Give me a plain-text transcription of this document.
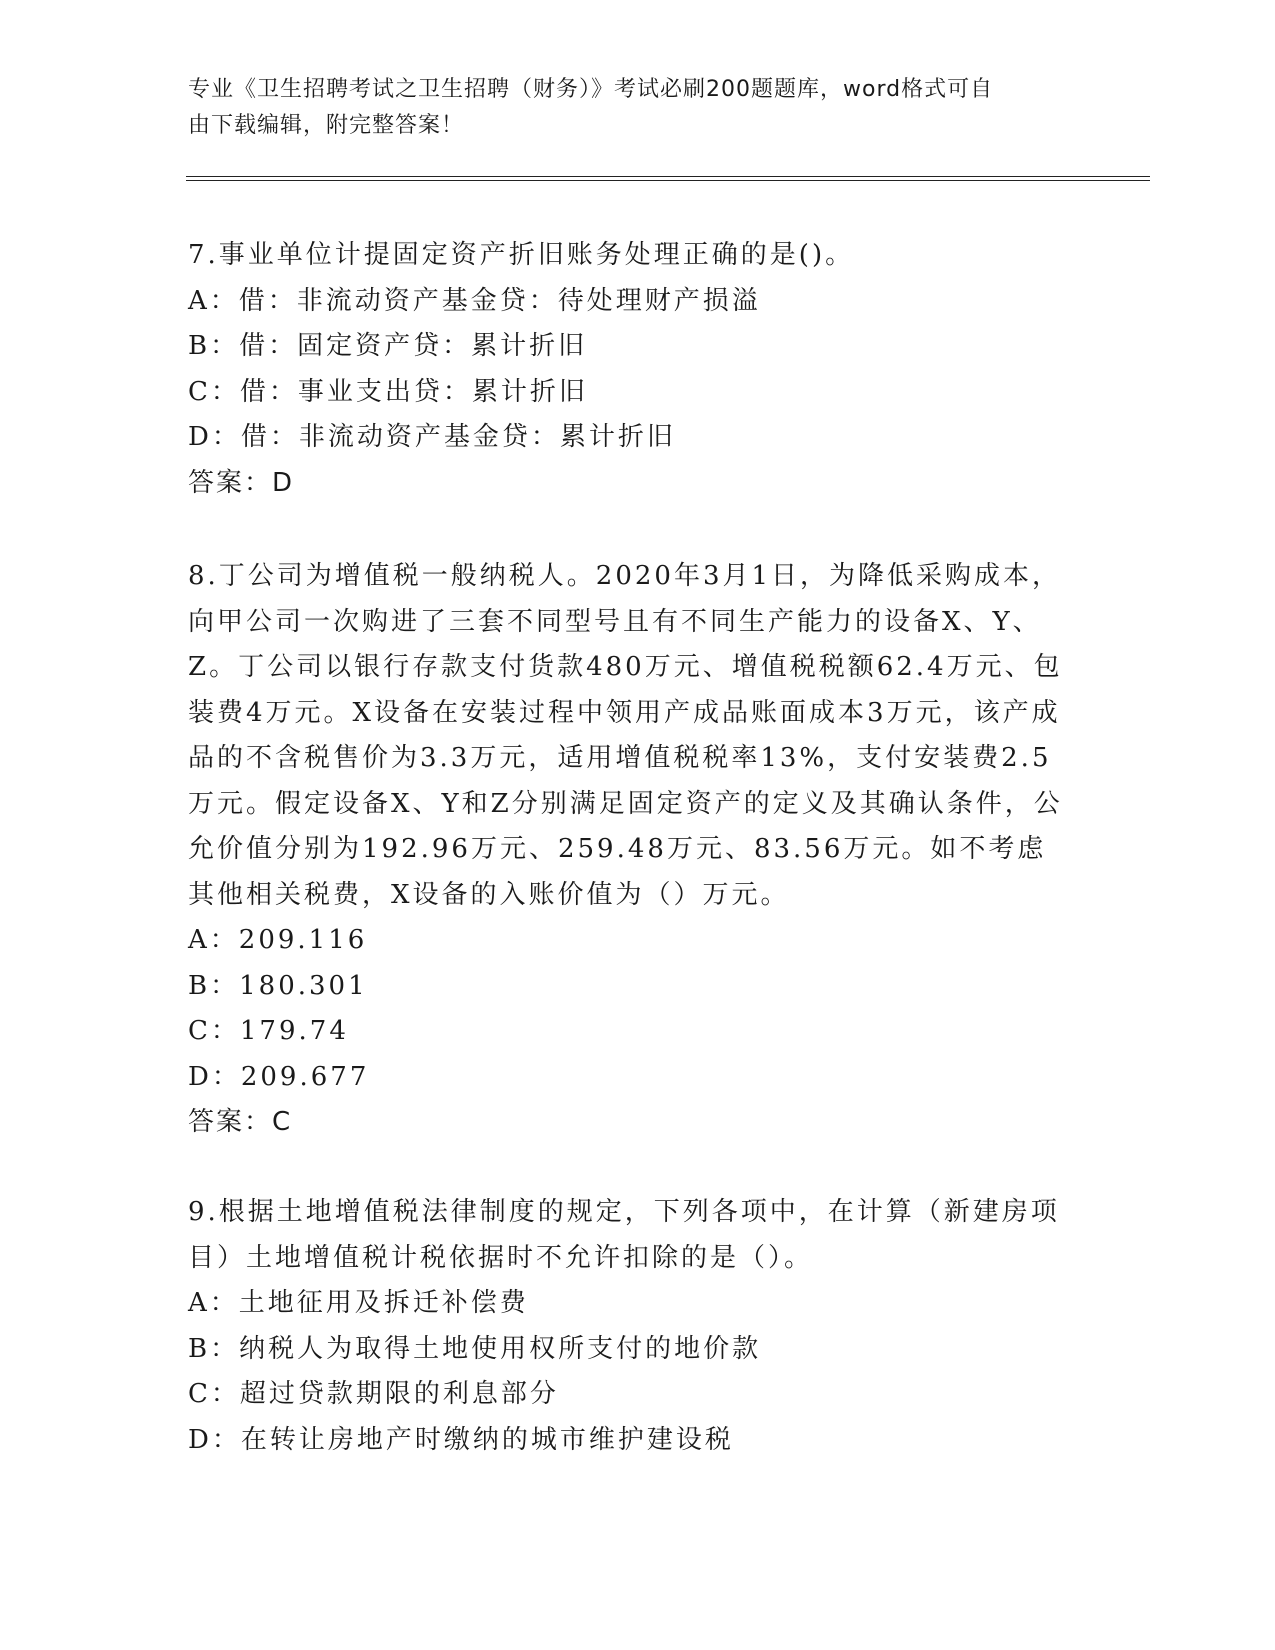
专业《卫生招聘考试之卫生招聘（财务）》考试必刷200题题库，word格式可自
由下载编辑，附完整答案！
7.事业单位计提固定资产折旧账务处理正确的是()。
A：借：非流动资产基金贷：待处理财产损溢
B：借：固定资产贷：累计折旧
C：借：事业支出贷：累计折旧
D：借：非流动资产基金贷：累计折旧
答案：D
8.丁公司为增值税一般纳税人。2020年3月1日，为降低采购成本，向甲公司一次购进了三套不同型号且有不同生产能力的设备X、Y、Z。丁公司以银行存款支付货款480万元、增值税税额62.4万元、包装费4万元。X设备在安装过程中领用产成品账面成本3万元，该产成品的不含税售价为3.3万元，适用增值税税率13%，支付安装费2.5万元。假定设备X、Y和Z分别满足固定资产的定义及其确认条件，公允价值分别为192.96万元、259.48万元、83.56万元。如不考虑其他相关税费，X设备的入账价值为（）万元。
A：209.116
B：180.301
C：179.74
D：209.677
答案：C
9.根据土地增值税法律制度的规定，下列各项中，在计算（新建房项目）土地增值税计税依据时不允许扣除的是（）。
A：土地征用及拆迁补偿费
B：纳税人为取得土地使用权所支付的地价款
C：超过贷款期限的利息部分
D：在转让房地产时缴纳的城市维护建设税
